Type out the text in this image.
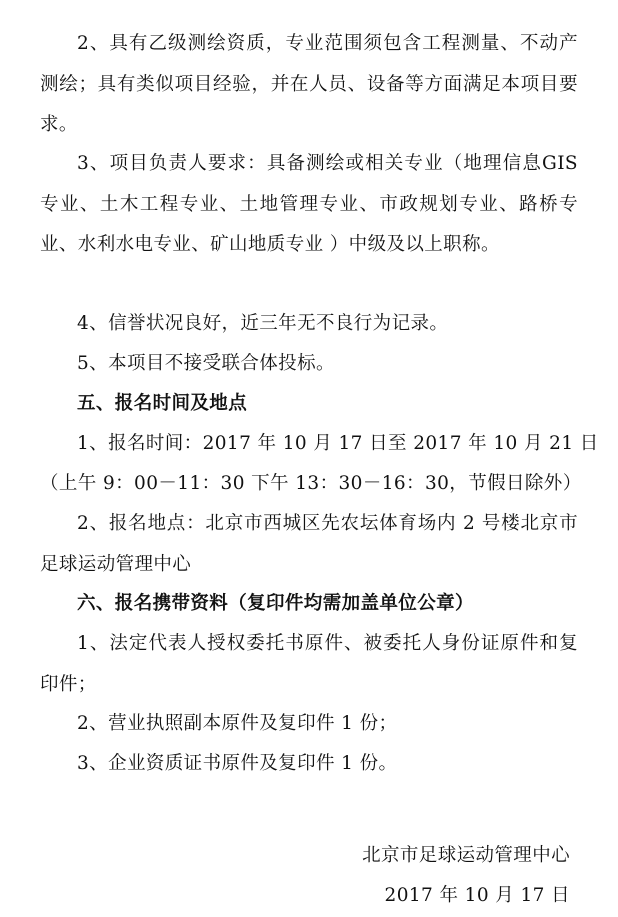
2、具有乙级测绘资质，专业范围须包含工程测量、不动产测绘；具有类似项目经验，并在人员、设备等方面满足本项目要求。

3、项目负责人要求：具备测绘或相关专业（地理信息GIS专业、土木工程专业、土地管理专业、市政规划专业、路桥专业、水利水电专业、矿山地质专业 ）中级及以上职称。

4、信誉状况良好，近三年无不良行为记录。

5、本项目不接受联合体投标。

五、报名时间及地点

1、报名时间：2017 年 10 月 17 日至 2017 年 10 月 21 日

（上午 9：00－11：30 下午 13：30－16：30，节假日除外）

2、报名地点：北京市西城区先农坛体育场内 2 号楼北京市足球运动管理中心

六、报名携带资料（复印件均需加盖单位公章）

1、法定代表人授权委托书原件、被委托人身份证原件和复印件；

2、营业执照副本原件及复印件 1 份；

3、企业资质证书原件及复印件 1 份。

北京市足球运动管理中心

2017 年 10 月 17 日
